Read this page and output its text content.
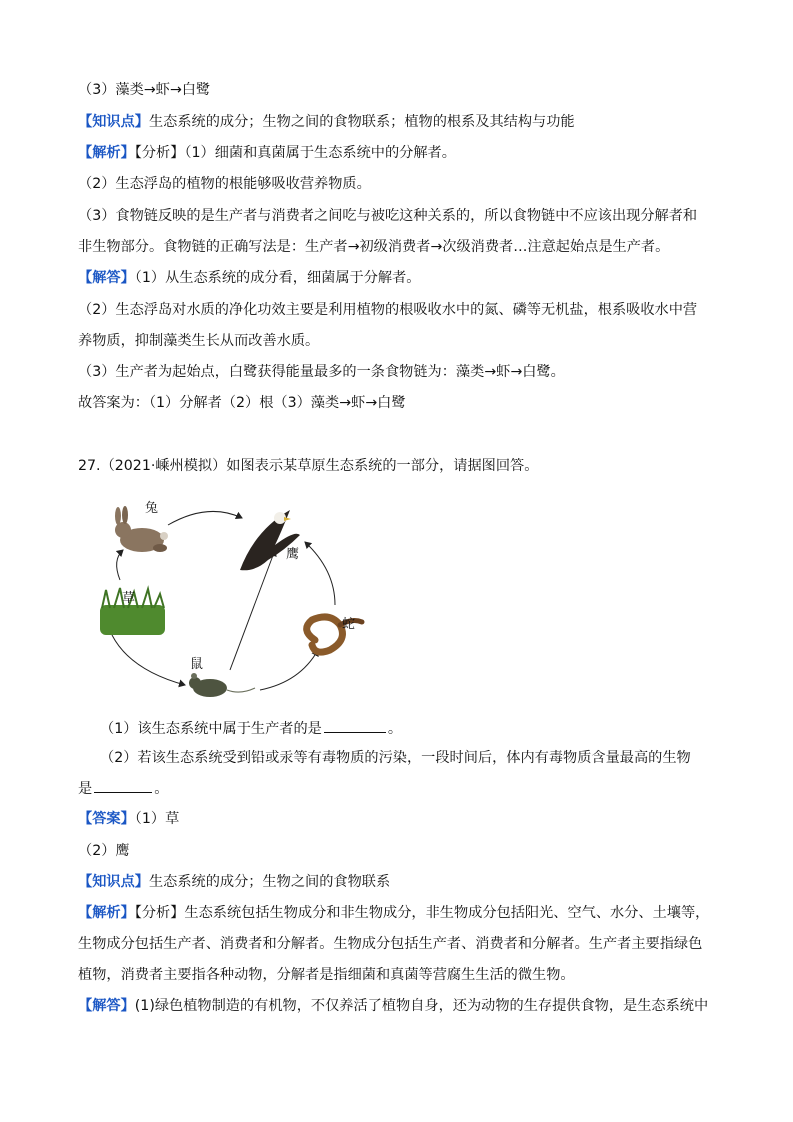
（3）藻类→虾→白鹭
【知识点】生态系统的成分；生物之间的食物联系；植物的根系及其结构与功能
【解析】【分析】（1）细菌和真菌属于生态系统中的分解者。
（2）生态浮岛的植物的根能够吸收营养物质。
（3）食物链反映的是生产者与消费者之间吃与被吃这种关系的，所以食物链中不应该出现分解者和
非生物部分。食物链的正确写法是：生产者→初级消费者→次级消费者…注意起始点是生产者。
【解答】（1）从生态系统的成分看，细菌属于分解者。
（2）生态浮岛对水质的净化功效主要是利用植物的根吸收水中的氮、磷等无机盐，根系吸收水中营
养物质，抑制藻类生长从而改善水质。
（3）生产者为起始点，白鹭获得能量最多的一条食物链为：藻类→虾→白鹭。
故答案为：（1）分解者（2）根（3）藻类→虾→白鹭
27.（2021·嵊州模拟）如图表示某草原生态系统的一部分，请据图回答。
兔
鹰
草
蛇
鼠
（1）该生态系统中属于生产者的是	。
（2）若该生态系统受到铅或汞等有毒物质的污染，一段时间后，体内有毒物质含量最高的生物
是	。
【答案】（1）草
（2）鹰
【知识点】生态系统的成分；生物之间的食物联系
【解析】【分析】生态系统包括生物成分和非生物成分，非生物成分包括阳光、空气、水分、土壤等，
生物成分包括生产者、消费者和分解者。生物成分包括生产者、消费者和分解者。生产者主要指绿色
植物，消费者主要指各种动物，分解者是指细菌和真菌等营腐生生活的微生物。
【解答】(1)绿色植物制造的有机物，不仅养活了植物自身，还为动物的生存提供食物，是生态系统中
